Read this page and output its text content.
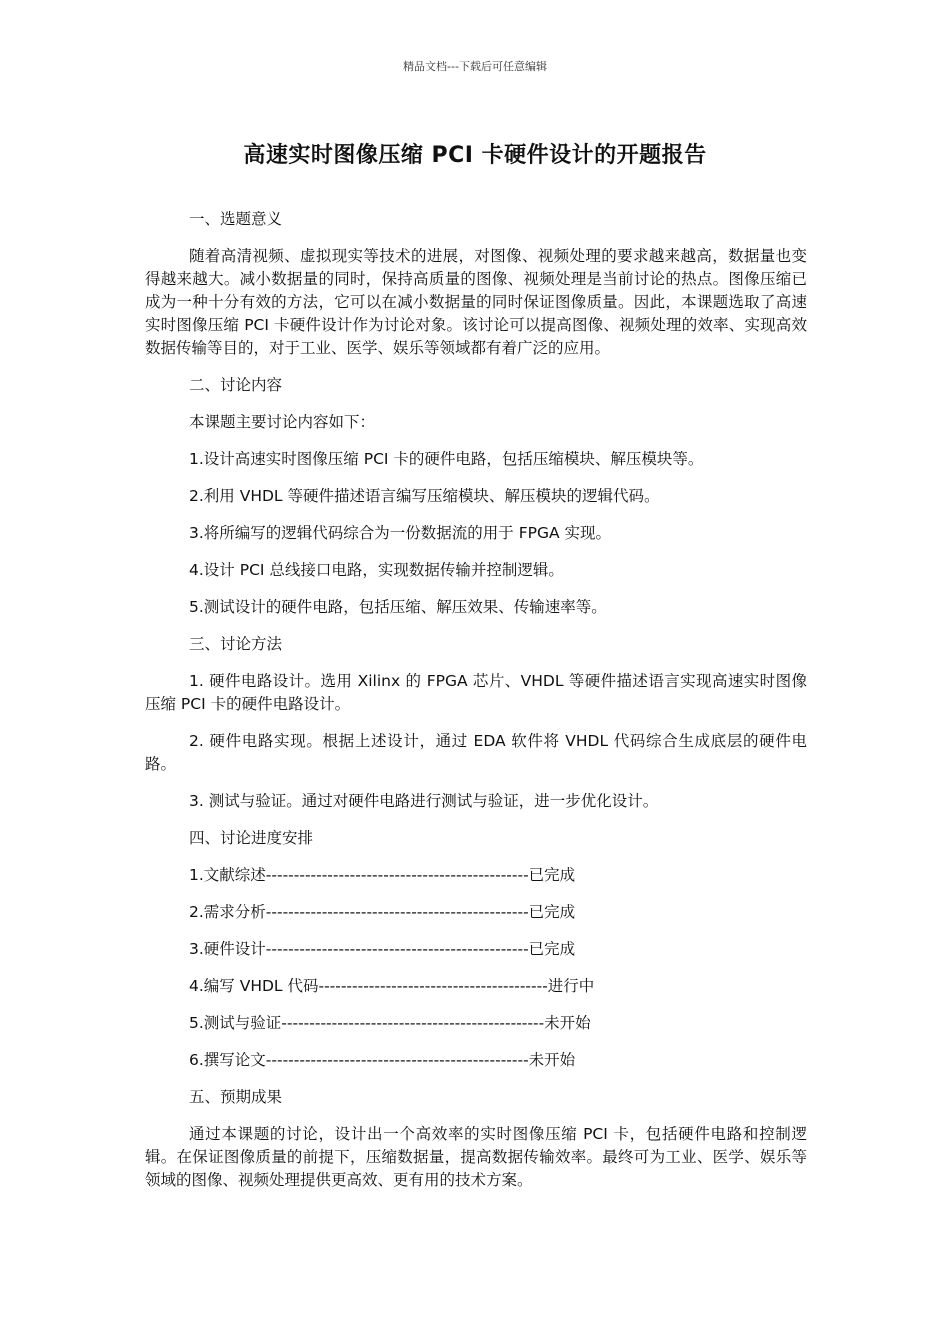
精品文档---下载后可任意编辑
高速实时图像压缩 PCI 卡硬件设计的开题报告
一、选题意义
随着高清视频、虚拟现实等技术的进展，对图像、视频处理的要求越来越高，数据量也变得越来越大。减小数据量的同时，保持高质量的图像、视频处理是当前讨论的热点。图像压缩已成为一种十分有效的方法，它可以在减小数据量的同时保证图像质量。因此，本课题选取了高速实时图像压缩 PCI 卡硬件设计作为讨论对象。该讨论可以提高图像、视频处理的效率、实现高效数据传输等目的，对于工业、医学、娱乐等领域都有着广泛的应用。
二、讨论内容
本课题主要讨论内容如下：
1.设计高速实时图像压缩 PCI 卡的硬件电路，包括压缩模块、解压模块等。
2.利用 VHDL 等硬件描述语言编写压缩模块、解压模块的逻辑代码。
3.将所编写的逻辑代码综合为一份数据流的用于 FPGA 实现。
4.设计 PCI 总线接口电路，实现数据传输并控制逻辑。
5.测试设计的硬件电路，包括压缩、解压效果、传输速率等。
三、讨论方法
1. 硬件电路设计。选用 Xilinx 的 FPGA 芯片、VHDL 等硬件描述语言实现高速实时图像压缩 PCI 卡的硬件电路设计。
2. 硬件电路实现。根据上述设计，通过 EDA 软件将 VHDL 代码综合生成底层的硬件电路。
3. 测试与验证。通过对硬件电路进行测试与验证，进一步优化设计。
四、讨论进度安排
1.文献综述-----------------------------------------------已完成
2.需求分析-----------------------------------------------已完成
3.硬件设计-----------------------------------------------已完成
4.编写 VHDL 代码-----------------------------------------进行中
5.测试与验证-----------------------------------------------未开始
6.撰写论文-----------------------------------------------未开始
五、预期成果
通过本课题的讨论，设计出一个高效率的实时图像压缩 PCI 卡，包括硬件电路和控制逻辑。在保证图像质量的前提下，压缩数据量，提高数据传输效率。最终可为工业、医学、娱乐等领域的图像、视频处理提供更高效、更有用的技术方案。
